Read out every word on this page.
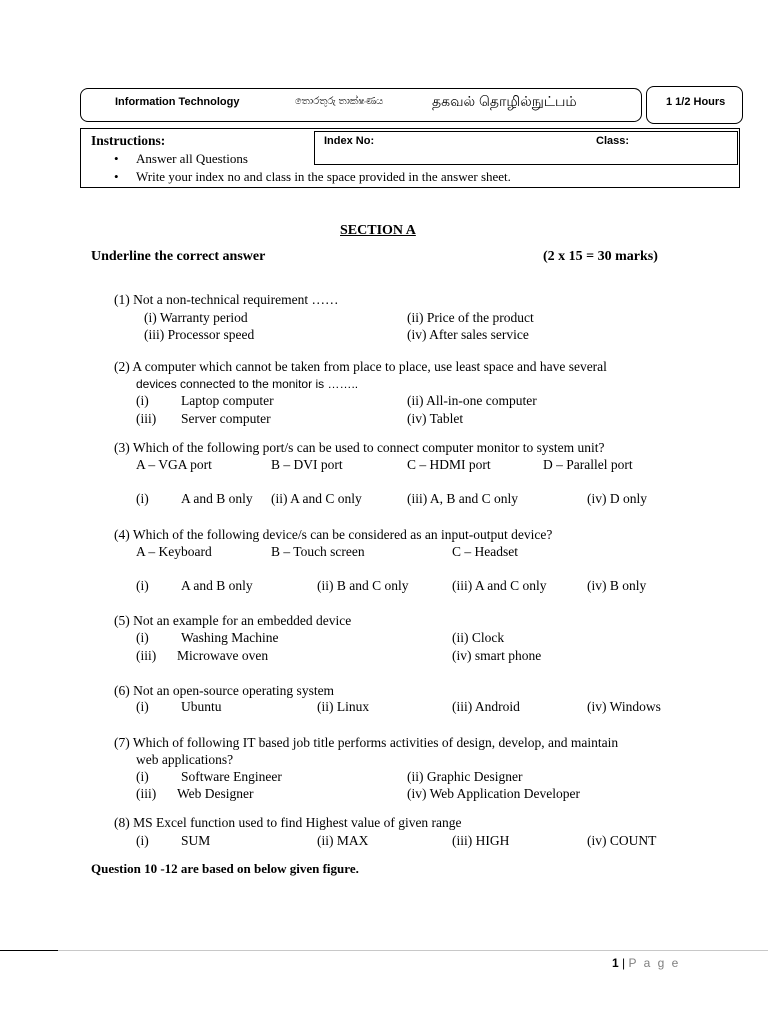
Information Technology	තොරතුරු තාක්ෂණය	தகவல் தொழில்நுட்பம்	1 1/2 Hours
Instructions:
• Answer all Questions
• Write your index no and class in the space provided in the answer sheet.
Index No:	Class:
SECTION A
Underline the correct answer	(2 x 15 = 30 marks)
(1) Not a non-technical requirement ……
(i) Warranty period	(ii) Price of the product
(iii) Processor speed	(iv) After sales service
(2) A computer which cannot be taken from place to place, use least space and have several
devices connected to the monitor is ……..
(i) Laptop computer	(ii) All-in-one computer
(iii) Server computer	(iv) Tablet
(3) Which of the following port/s can be used to connect computer monitor to system unit?
A – VGA port	B – DVI port	C – HDMI port	D – Parallel port
(i) A and B only (ii) A and C only	(iii) A, B and C only	(iv) D only
(4) Which of the following device/s can be considered as an input-output device?
A – Keyboard	B – Touch screen	C – Headset
(i) A and B only	(ii) B and C only	(iii) A and C only	(iv) B only
(5) Not an example for an embedded device
(i) Washing Machine	(ii) Clock
(iii) Microwave oven	(iv) smart phone
(6) Not an open-source operating system
(i) Ubuntu	(ii) Linux	(iii) Android	(iv) Windows
(7) Which of following IT based job title performs activities of design, develop, and maintain
web applications?
(i) Software Engineer	(ii) Graphic Designer
(iii) Web Designer	(iv) Web Application Developer
(8) MS Excel function used to find Highest value of given range
(i) SUM	(ii) MAX	(iii) HIGH	(iv) COUNT
Question 10 -12 are based on below given figure.
1 | P a g e
